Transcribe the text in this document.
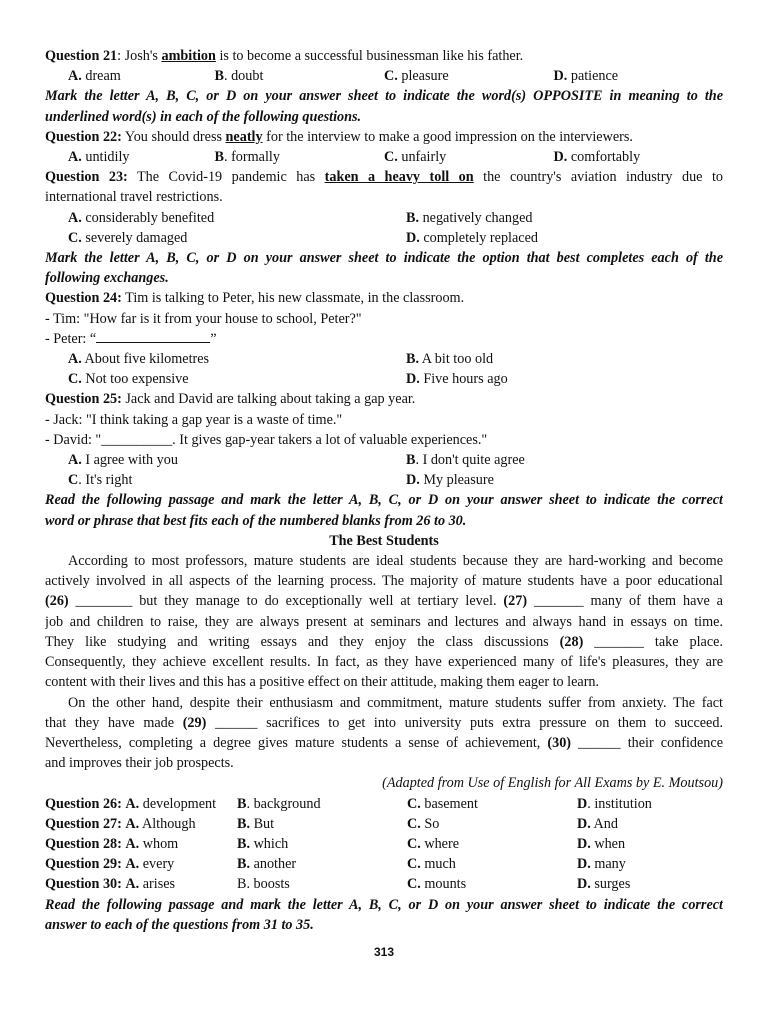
Question 21: Josh's ambition is to become a successful businessman like his father.
A. dream	B. doubt	C. pleasure	D. patience
Mark the letter A, B, C, or D on your answer sheet to indicate the word(s) OPPOSITE in meaning to the
underlined word(s) in each of the following questions.
Question 22: You should dress neatly for the interview to make a good impression on the interviewers.
A. untidily	B. formally	C. unfairly	D. comfortably
Question 23: The Covid-19 pandemic has taken a heavy toll on the country's aviation industry due to
international travel restrictions.
A. considerably benefited	B. negatively changed
C. severely damaged	D. completely replaced
Mark the letter A, B, C, or D on your answer sheet to indicate the option that best completes each of the
following exchanges.
Question 24: Tim is talking to Peter, his new classmate, in the classroom.
- Tim: "How far is it from your house to school, Peter?"
- Peter: “	”
A. About five kilometres	B. A bit too old
C. Not too expensive	D. Five hours ago
Question 25: Jack and David are talking about taking a gap year.
- Jack: "I think taking a gap year is a waste of time."
- David: "__________. It gives gap-year takers a lot of valuable experiences."
A. I agree with you	B. I don't quite agree
C. It's right	D. My pleasure
Read the following passage and mark the letter A, B, C, or D on your answer sheet to indicate the correct
word or phrase that best fits each of the numbered blanks from 26 to 30.
The Best Students
According to most professors, mature students are ideal students because they are hard-working and become
actively involved in all aspects of the learning process. The majority of mature students have a poor educational
(26) ________ but they manage to do exceptionally well at tertiary level. (27) _______ many of them have a
job and children to raise, they are always present at seminars and lectures and always hand in essays on time.
They like studying and writing essays and they enjoy the class discussions (28) _______ take place.
Consequently, they achieve excellent results. In fact, as they have experienced many of life's pleasures, they are
content with their lives and this has a positive effect on their attitude, making them eager to learn.
On the other hand, despite their enthusiasm and commitment, mature students suffer from anxiety. The fact
that they have made (29) ______ sacrifices to get into university puts extra pressure on them to succeed.
Nevertheless, completing a degree gives mature students a sense of achievement, (30) ______ their confidence
and improves their job prospects.
(Adapted from Use of English for All Exams by E. Moutsou)
Question 26: A. development	B. background	C. basement	D. institution
Question 27: A. Although	B. But	C. So	D. And
Question 28: A. whom	B. which	C. where	D. when
Question 29: A. every	B. another	C. much	D. many
Question 30: A. arises	B. boosts	C. mounts	D. surges
Read the following passage and mark the letter A, B, C, or D on your answer sheet to indicate the correct
answer to each of the questions from 31 to 35.
313
